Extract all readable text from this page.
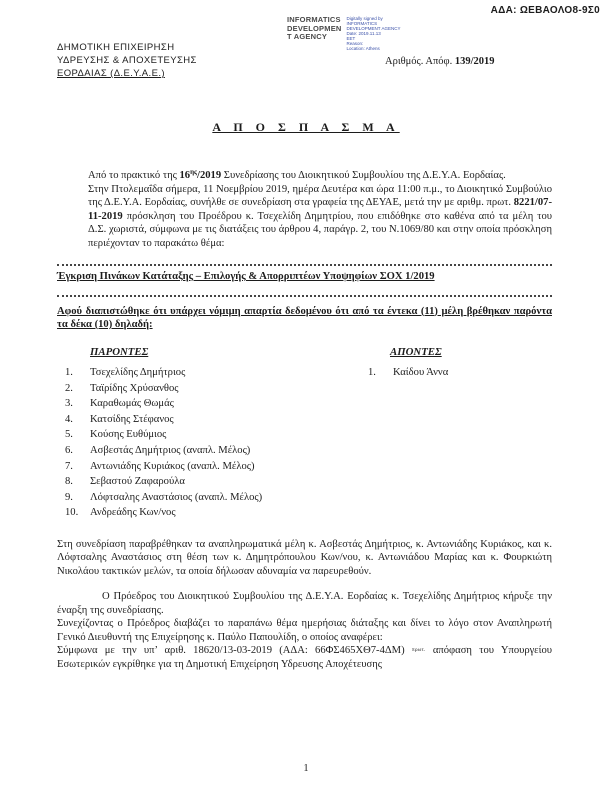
ΑΔΑ: ΩΕΒΑΟΛΟ8-9Σ0
INFORMATICS
DEVELOPMEN
T AGENCY
Digitally signed by
INFORMATICS
DEVELOPMENT AGENCY
Date: 2019.11.13
EET
Reason:
Location: Athens
ΔΗΜΟΤΙΚΗ ΕΠΙΧΕΙΡΗΣΗ
ΥΔΡΕΥΣΗΣ & ΑΠΟΧΕΤΕΥΣΗΣ
ΕΟΡΔΑΙΑΣ (Δ.Ε.Υ.Α.Ε.)
Αριθμός. Απόφ. 139/2019
Α Π Ο Σ Π Α Σ Μ Α

Από το πρακτικό της $16^{\eta\varsigma}/2019$ Συνεδρίασης του Διοικητικού Συμβουλίου της Δ.Ε.Υ.Α. Εορδαίας.

Στην Πτολεμαΐδα σήμερα, 11 Νοεμβρίου 2019, ημέρα Δευτέρα και ώρα 11:00 π.μ., το Διοικητικό Συμβούλιο της Δ.Ε.Υ.Α. Εορδαίας, συνήλθε σε συνεδρίαση στα γραφεία της ΔΕΥΑΕ, μετά την με αριθμ. πρωτ. 8221/07-11-2019 πρόσκληση του Προέδρου κ. Τσεχελίδη Δημητρίου, που επιδόθηκε στο καθένα από τα μέλη του Δ.Σ. χωριστά, σύμφωνα με τις διατάξεις του άρθρου 4, παράγρ. 2, του Ν.1069/80 και στην οποία πρόσκληση περιέχονταν το παρακάτω θέμα:

Έγκριση Πινάκων Κατάταξης – Επιλογής & Απορριπτέων Υποψηφίων ΣΟΧ 1/2019

Αφού διαπιστώθηκε ότι υπάρχει νόμιμη απαρτία δεδομένου ότι από τα έντεκα (11) μέλη βρέθηκαν παρόντα τα δέκα (10) δηλαδή:

ΠΑΡΟΝΤΕΣ
1. Τσεχελίδης Δημήτριος
2. Ταϊρίδης Χρύσανθος
3. Καραθωμάς Θωμάς
4. Κατσίδης Στέφανος
5. Κούσης Ευθύμιος
6. Ασβεστάς Δημήτριος (αναπλ. Μέλος)
7. Αντωνιάδης Κυριάκος (αναπλ. Μέλος)
8. Σεβαστού Ζαφαρούλα
9. Λόφτσαλης Αναστάσιος (αναπλ. Μέλος)
10. Ανδρεάδης Κων/νος
ΑΠΟΝΤΕΣ
1. Καίδου Άννα

Στη συνεδρίαση παραβρέθηκαν τα αναπληρωματικά μέλη κ. Ασβεστάς Δημήτριος, κ. Αντωνιάδης Κυριάκος, και κ. Λόφτσαλης Αναστάσιος στη θέση των κ. Δημητρόπουλου Κων/νου, κ. Αντωνιάδου Μαρίας και κ. Φουρκιώτη Νικολάου τακτικών μελών, τα οποία δήλωσαν αδυναμία να παρευρεθούν.

Ο Πρόεδρος του Διοικητικού Συμβουλίου της Δ.Ε.Υ.Α. Εορδαίας κ. Τσεχελίδης Δημήτριος κήρυξε την έναρξη της συνεδρίασης.

Συνεχίζοντας ο Πρόεδρος διαβάζει το παραπάνω θέμα ημερήσιας διάταξης και δίνει το λόγο στον Αναπληρωτή Γενικό Διευθυντή της Επιχείρησης κ. Παύλο Παπουλίδη, ο οποίος αναφέρει:

Σύμφωνα με την υπ’ αριθ. 18620/13-03-2019 (ΑΔΑ: 66ΦΣ465ΧΘ7-4ΔΜ) πρωτ. απόφαση του Υπουργείου Εσωτερικών εγκρίθηκε για τη Δημοτική Επιχείρηση Υδρευσης Αποχέτευσης

1
